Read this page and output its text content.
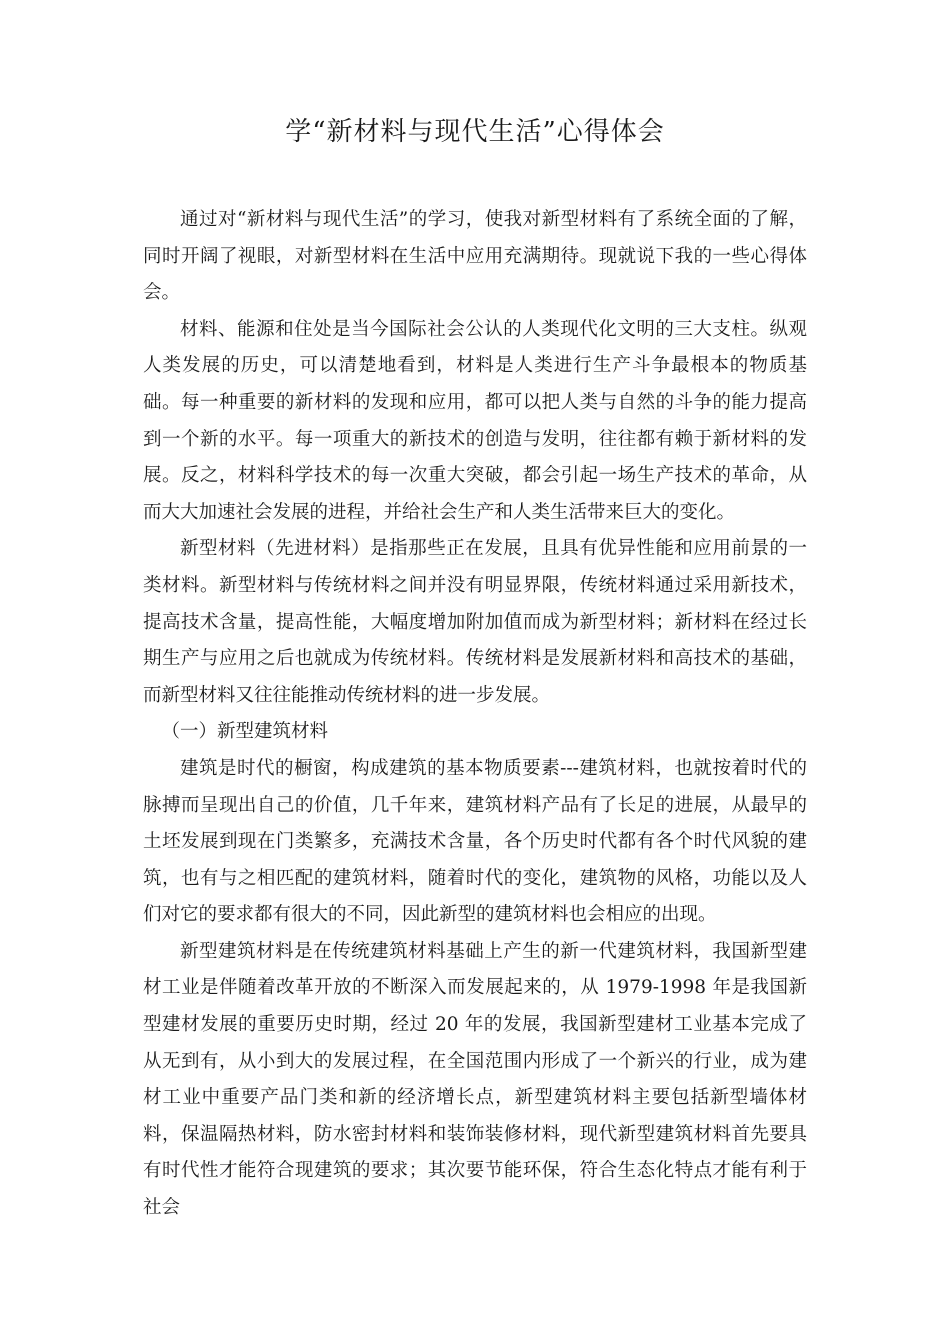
学“新材料与现代生活”心得体会

通过对“新材料与现代生活”的学习，使我对新型材料有了系统全面的了解，同时开阔了视眼，对新型材料在生活中应用充满期待。现就说下我的一些心得体会。

材料、能源和住处是当今国际社会公认的人类现代化文明的三大支柱。纵观人类发展的历史，可以清楚地看到，材料是人类进行生产斗争最根本的物质基础。每一种重要的新材料的发现和应用，都可以把人类与自然的斗争的能力提高到一个新的水平。每一项重大的新技术的创造与发明，往往都有赖于新材料的发展。反之，材料科学技术的每一次重大突破，都会引起一场生产技术的革命，从而大大加速社会发展的进程，并给社会生产和人类生活带来巨大的变化。

新型材料（先进材料）是指那些正在发展，且具有优异性能和应用前景的一类材料。新型材料与传统材料之间并没有明显界限，传统材料通过采用新技术，提高技术含量，提高性能，大幅度增加附加值而成为新型材料；新材料在经过长期生产与应用之后也就成为传统材料。传统材料是发展新材料和高技术的基础，而新型材料又往往能推动传统材料的进一步发展。

（一）新型建筑材料

建筑是时代的橱窗，构成建筑的基本物质要素---建筑材料，也就按着时代的脉搏而呈现出自己的价值，几千年来，建筑材料产品有了长足的进展，从最早的土坯发展到现在门类繁多，充满技术含量，各个历史时代都有各个时代风貌的建筑，也有与之相匹配的建筑材料，随着时代的变化，建筑物的风格，功能以及人们对它的要求都有很大的不同，因此新型的建筑材料也会相应的出现。

新型建筑材料是在传统建筑材料基础上产生的新一代建筑材料，我国新型建材工业是伴随着改革开放的不断深入而发展起来的，从 1979-1998 年是我国新型建材发展的重要历史时期，经过 20 年的发展，我国新型建材工业基本完成了从无到有，从小到大的发展过程，在全国范围内形成了一个新兴的行业，成为建材工业中重要产品门类和新的经济增长点，新型建筑材料主要包括新型墙体材料，保温隔热材料，防水密封材料和装饰装修材料，现代新型建筑材料首先要具有时代性才能符合现建筑的要求；其次要节能环保，符合生态化特点才能有利于社会
